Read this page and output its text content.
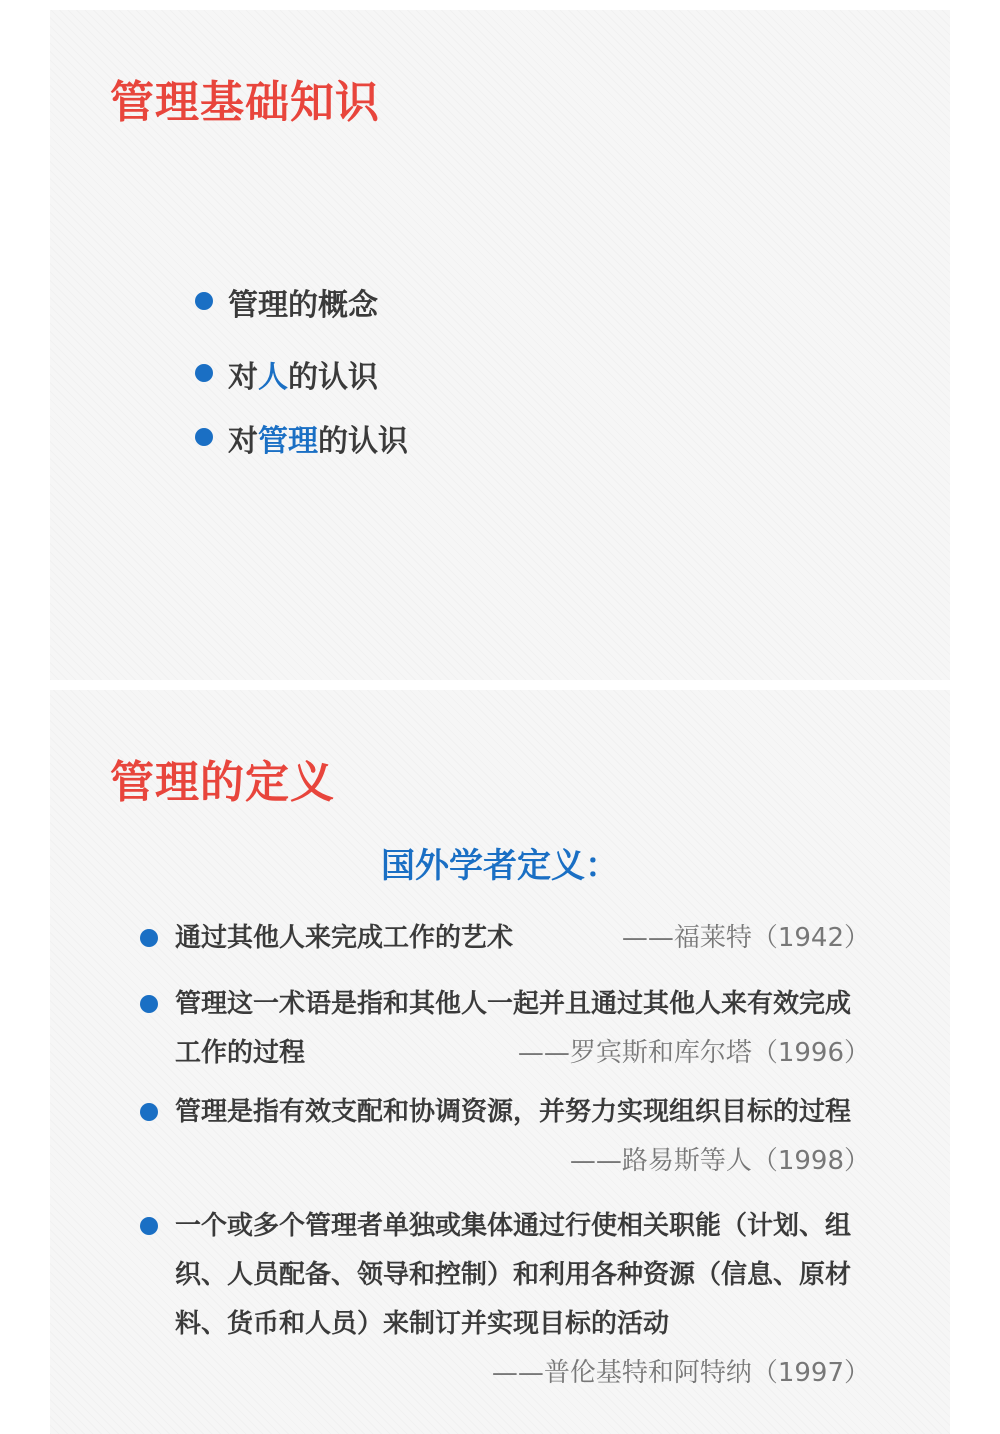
管理基础知识
管理的概念
对人的认识
对管理的认识
管理的定义
国外学者定义：
通过其他人来完成工作的艺术	——福莱特（1942）
管理这一术语是指和其他人一起并且通过其他人来有效完成工作的过程	——罗宾斯和库尔塔（1996）
管理是指有效支配和协调资源，并努力实现组织目标的过程
——路易斯等人（1998）
一个或多个管理者单独或集体通过行使相关职能（计划、组织、人员配备、领导和控制）和利用各种资源（信息、原材料、货币和人员）来制订并实现目标的活动
——普伦基特和阿特纳（1997）
